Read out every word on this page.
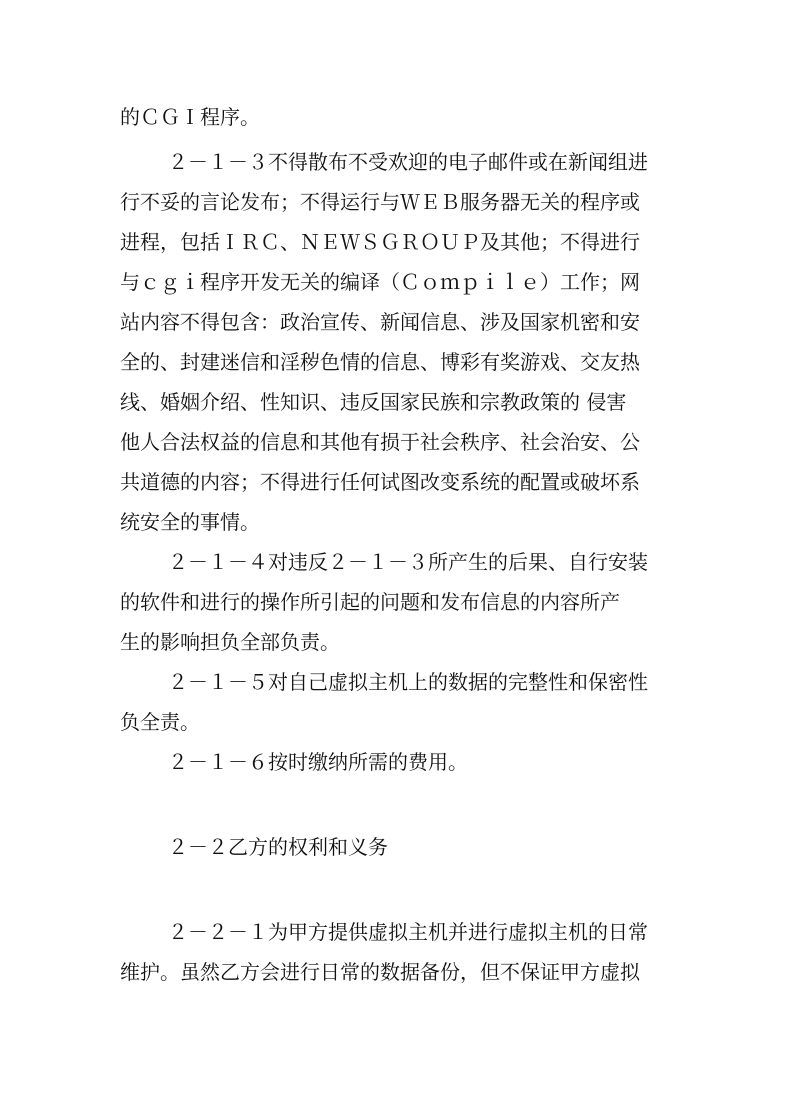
的ＣＧＩ程序。
２－１－３不得散布不受欢迎的电子邮件或在新闻组进
行不妥的言论发布；不得运行与ＷＥＢ服务器无关的程序或
进程，包括ＩＲＣ、ＮＥＷＳＧＲＯＵＰ及其他；不得进行
与ｃｇｉ程序开发无关的编译（Ｃｏｍｐｉｌｅ）工作；网
站内容不得包含：政治宣传、新闻信息、涉及国家机密和安
全的、封建迷信和淫秽色情的信息、博彩有奖游戏、交友热
线、婚姻介绍、性知识、违反国家民族和宗教政策的 侵害
他人合法权益的信息和其他有损于社会秩序、社会治安、公
共道德的内容；不得进行任何试图改变系统的配置或破坏系
统安全的事情。
２－１－４对违反２－１－３所产生的后果、自行安装
的软件和进行的操作所引起的问题和发布信息的内容所产
生的影响担负全部负责。
２－１－５对自己虚拟主机上的数据的完整性和保密性
负全责。
２－１－６按时缴纳所需的费用。
２－２乙方的权利和义务
２－２－１为甲方提供虚拟主机并进行虚拟主机的日常
维护。虽然乙方会进行日常的数据备份，但不保证甲方虚拟
